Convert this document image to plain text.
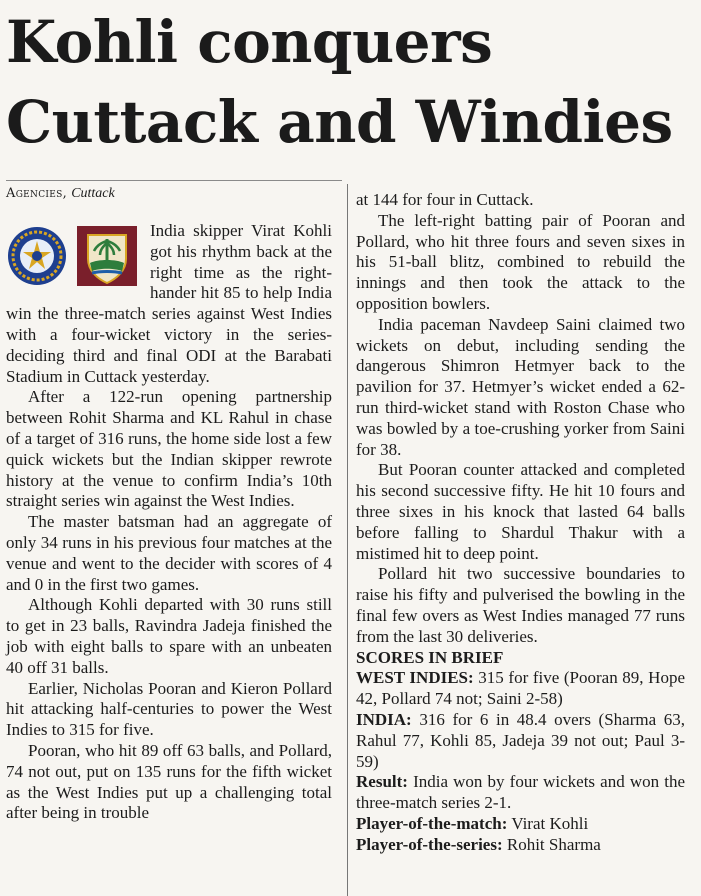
Kohli conquers
Cuttack and Windies
Agencies, Cuttack

India skipper Virat Kohli got his rhythm back at the right time as the right-hander hit 85 to help India win the three-match series against West Indies with a four-wicket victory in the series-deciding third and final ODI at the Barabati Stadium in Cuttack yesterday.

After a 122-run opening partnership between Rohit Sharma and KL Rahul in chase of a target of 316 runs, the home side lost a few quick wickets but the Indian skipper rewrote history at the venue to confirm India’s 10th straight series win against the West Indies.

The master batsman had an aggregate of only 34 runs in his previous four matches at the venue and went to the decider with scores of 4 and 0 in the first two games.

Although Kohli departed with 30 runs still to get in 23 balls, Ravindra Jadeja finished the job with eight balls to spare with an unbeaten 40 off 31 balls.

Earlier, Nicholas Pooran and Kieron Pollard hit attacking half-centuries to power the West Indies to 315 for five.

Pooran, who hit 89 off 63 balls, and Pollard, 74 not out, put on 135 runs for the fifth wicket as the West Indies put up a challenging total after being in trouble

at 144 for four in Cuttack.

The left-right batting pair of Pooran and Pollard, who hit three fours and seven sixes in his 51-ball blitz, combined to rebuild the innings and then took the attack to the opposition bowlers.

India paceman Navdeep Saini claimed two wickets on debut, including sending the dangerous Shimron Hetmyer back to the pavilion for 37. Hetmyer’s wicket ended a 62-run third-wicket stand with Roston Chase who was bowled by a toe-crushing yorker from Saini for 38.

But Pooran counter attacked and completed his second successive fifty. He hit 10 fours and three sixes in his knock that lasted 64 balls before falling to Shardul Thakur with a mistimed hit to deep point.

Pollard hit two successive boundaries to raise his fifty and pulverised the bowling in the final few overs as West Indies managed 77 runs from the last 30 deliveries.

SCORES IN BRIEF

WEST INDIES: 315 for five (Pooran 89, Hope 42, Pollard 74 not; Saini 2-58)

INDIA: 316 for 6 in 48.4 overs (Sharma 63, Rahul 77, Kohli 85, Jadeja 39 not out; Paul 3-59)

Result: India won by four wickets and won the three-match series 2-1.

Player-of-the-match: Virat Kohli

Player-of-the-series: Rohit Sharma
